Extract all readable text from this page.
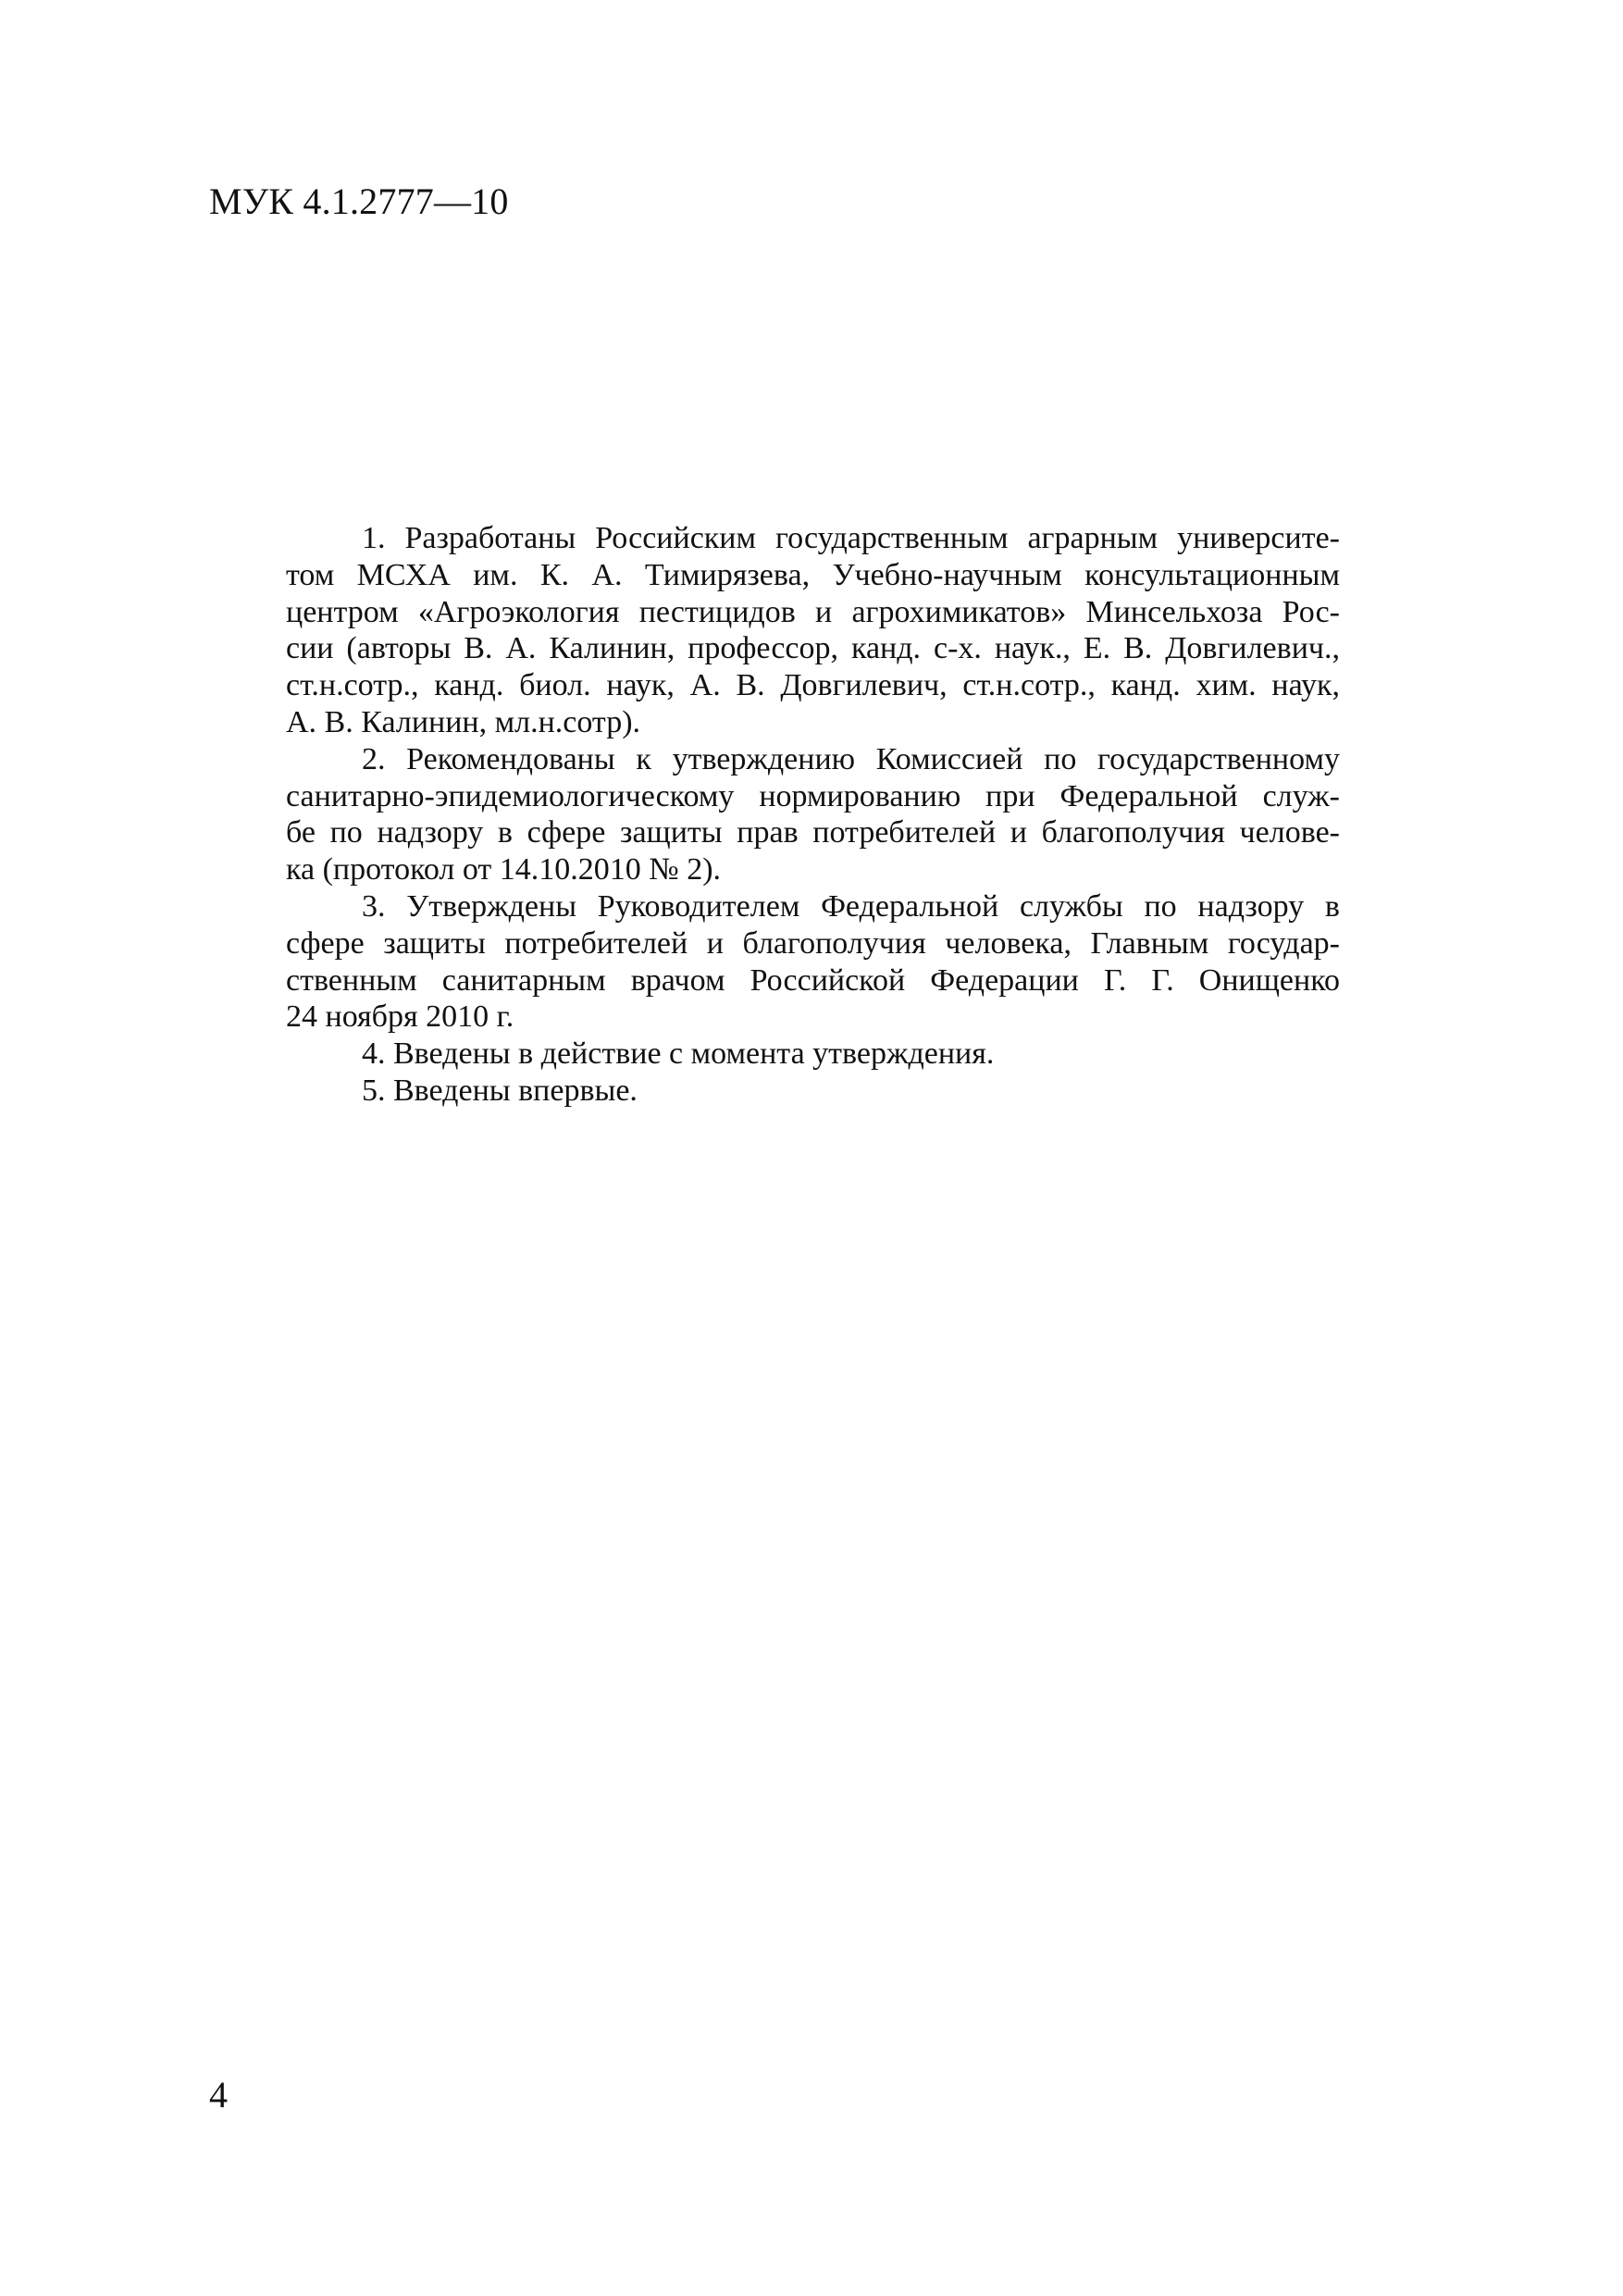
МУК 4.1.2777—10
1. Разработаны Российским государственным аграрным университе-
том МСХА им. К. А. Тимирязева, Учебно-научным консультационным
центром «Агроэкология пестицидов и агрохимикатов» Минсельхоза Рос-
сии (авторы В. А. Калинин, профессор, канд. с-х. наук., Е. В. Довгилевич.,
ст.н.сотр., канд. биол. наук, А. В. Довгилевич, ст.н.сотр., канд. хим. наук,
А. В. Калинин, мл.н.сотр).
2. Рекомендованы к утверждению Комиссией по государственному
санитарно-эпидемиологическому нормированию при Федеральной служ-
бе по надзору в сфере защиты прав потребителей и благополучия челове-
ка (протокол от 14.10.2010 № 2).
3. Утверждены Руководителем Федеральной службы по надзору в
сфере защиты потребителей и благополучия человека, Главным государ-
ственным санитарным врачом Российской Федерации Г. Г. Онищенко
24 ноября 2010 г.
4. Введены в действие с момента утверждения.
5. Введены впервые.
4
